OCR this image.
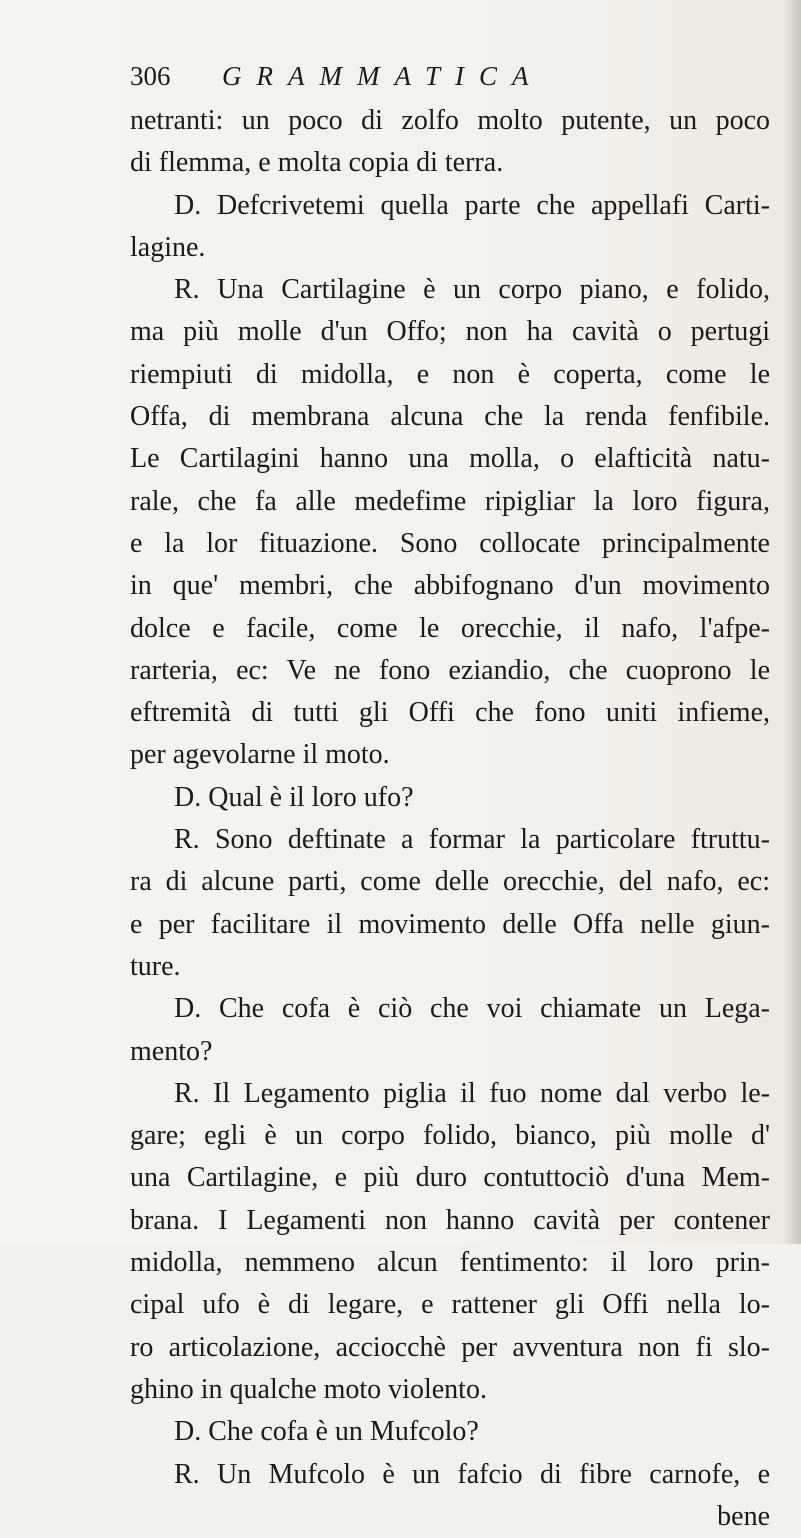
306 GRAMMATICA
netranti: un poco di zolfo molto putente, un poco
di flemma, e molta copia di terra.
D. Defcrivetemi quella parte che appellafi Carti-
lagine.
R. Una Cartilagine è un corpo piano, e folido,
ma più molle d'un Offo; non ha cavità o pertugi
riempiuti di midolla, e non è coperta, come le
Offa, di membrana alcuna che la renda fenfibile.
Le Cartilagini hanno una molla, o elafticità natu-
rale, che fa alle medefime ripigliar la loro figura,
e la lor fituazione. Sono collocate principalmente
in que' membri, che abbifognano d'un movimento
dolce e facile, come le orecchie, il nafo, l'afpe-
rarteria, ec: Ve ne fono eziandio, che cuoprono le
eftremità di tutti gli Offi che fono uniti infieme,
per agevolarne il moto.
D. Qual è il loro ufo?
R. Sono deftinate a formar la particolare ftruttu-
ra di alcune parti, come delle orecchie, del nafo, ec:
e per facilitare il movimento delle Offa nelle giun-
ture.
D. Che cofa è ciò che voi chiamate un Lega-
mento?
R. Il Legamento piglia il fuo nome dal verbo le-
gare; egli è un corpo folido, bianco, più molle d'
una Cartilagine, e più duro contuttociò d'una Mem-
brana. I Legamenti non hanno cavità per contener
midolla, nemmeno alcun fentimento: il loro prin-
cipal ufo è di legare, e rattener gli Offi nella lo-
ro articolazione, acciocchè per avventura non fi slo-
ghino in qualche moto violento.
D. Che cofa è un Mufcolo?
R. Un Mufcolo è un fafcio di fibre carnofe, e
bene
